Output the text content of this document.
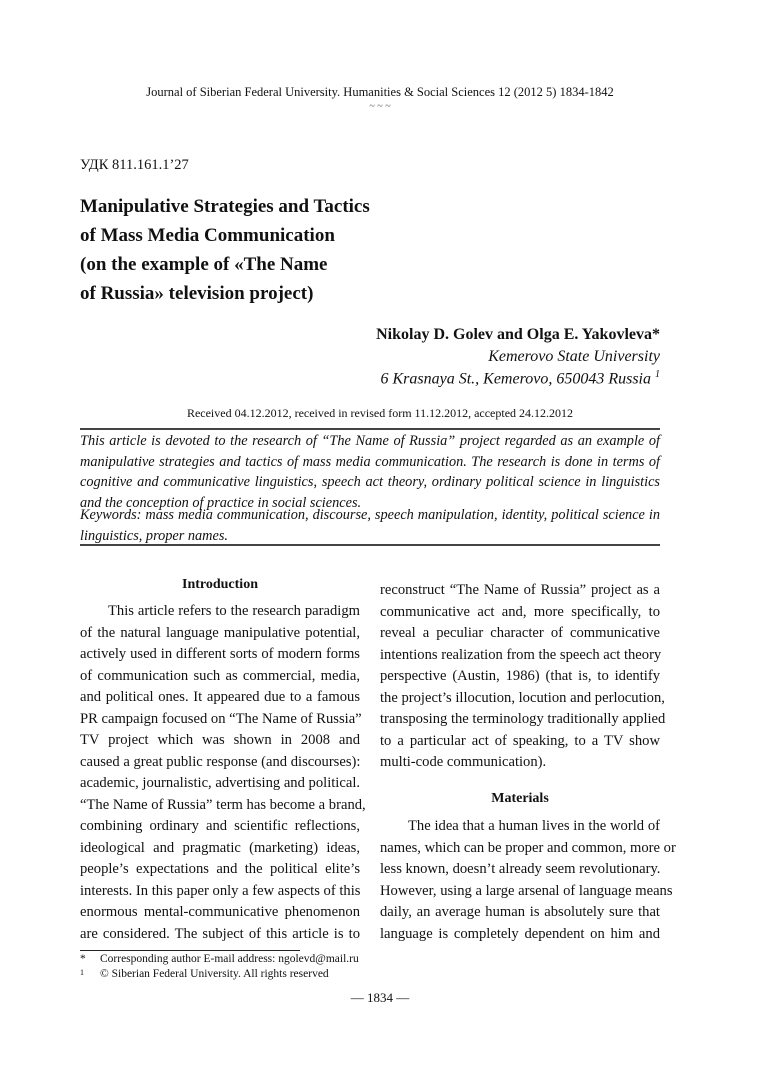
Journal of Siberian Federal University. Humanities & Social Sciences 12 (2012 5) 1834-1842
~ ~ ~
УДК 811.161.1’27
Manipulative Strategies and Tactics
of Mass Media Communication
(on the example of «The Name
of Russia» television project)
Nikolay D. Golev and Olga E. Yakovleva*
Kemerovo State University
6 Krasnaya St., Kemerovo, 650043 Russia $^1$
Received 04.12.2012, received in revised form 11.12.2012, accepted 24.12.2012
This article is devoted to the research of “The Name of Russia” project regarded as an example of
manipulative strategies and tactics of mass media communication. The research is done in terms of
cognitive and communicative linguistics, speech act theory, ordinary political science in linguistics
and the conception of practice in social sciences.
Keywords: mass media communication, discourse, speech manipulation, identity, political science in
linguistics, proper names.
Introduction
This article refers to the research paradigm
of the natural language manipulative potential,
actively used in different sorts of modern forms
of communication such as commercial, media,
and political ones. It appeared due to a famous
PR campaign focused on “The Name of Russia”
TV project which was shown in 2008 and
caused a great public response (and discourses):
academic, journalistic, advertising and political.
“The Name of Russia” term has become a brand,
combining ordinary and scientific reflections,
ideological and pragmatic (marketing) ideas,
people’s expectations and the political elite’s
interests. In this paper only a few aspects of this
enormous mental-communicative phenomenon
are considered. The subject of this article is to
reconstruct “The Name of Russia” project as a
communicative act and, more specifically, to
reveal a peculiar character of communicative
intentions realization from the speech act theory
perspective (Austin, 1986) (that is, to identify
the project’s illocution, locution and perlocution,
transposing the terminology traditionally applied
to a particular act of speaking, to a TV show
multi-code communication).
The idea that a human lives in the world of
names, which can be proper and common, more or
less known, doesn’t already seem revolutionary.
However, using a large arsenal of language means
daily, an average human is absolutely sure that
language is completely dependent on him and
Materials
* Corresponding author E-mail address: ngolevd@mail.ru
1 © Siberian Federal University. All rights reserved
— 1834 —
